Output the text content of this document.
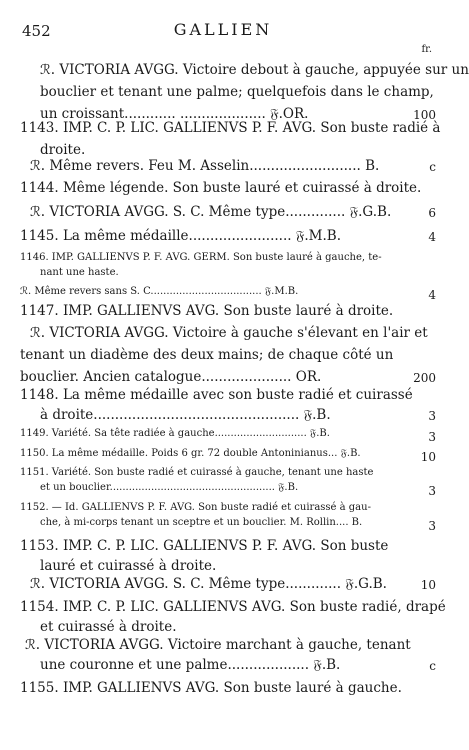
452	GALLIEN
fr.
ℛ. VICTORIA AVGG. Victoire debout à gauche, appuyée sur un
bouclier et tenant une palme; quelquefois dans le champ,
un croissant............ .................... 𝔉.OR.	100
1143. IMP. C. P. LIC. GALLIENVS P. F. AVG. Son buste radié à
droite.
ℛ. Même revers. Feu M. Asselin.......................... B.	c
1144. Même légende. Son buste lauré et cuirassé à droite.
ℛ. VICTORIA AVGG. S. C. Même type.............. 𝔉.G.B.	6
1145. La même médaille........................ 𝔉.M.B.	4
1146. IMP. GALLIENVS P. F. AVG. GERM. Son buste lauré à gauche, te-
nant une haste.
ℛ. Même revers sans S. C................................... 𝔉.M.B.	4
1147. IMP. GALLIENVS AVG. Son buste lauré à droite.
ℛ. VICTORIA AVGG. Victoire à gauche s'élevant en l'air et
tenant un diadème des deux mains; de chaque côté un
bouclier. Ancien catalogue..................... OR.	200
1148. La même médaille avec son buste radié et cuirassé
à droite................................................ 𝔉.B.	3
1149. Variété. Sa tête radiée à gauche............................. 𝔉.B.	3
1150. La même médaille. Poids 6 gr. 72 double Antoninianus... 𝔉.B.	10
1151. Variété. Son buste radié et cuirassé à gauche, tenant une haste
et un bouclier.................................................... 𝔉.B.	3
1152. — Id. GALLIENVS P. F. AVG. Son buste radié et cuirassé à gau-
che, à mi-corps tenant un sceptre et un bouclier. M. Rollin.... B.	3
1153. IMP. C. P. LIC. GALLIENVS P. F. AVG. Son buste
lauré et cuirassé à droite.
ℛ. VICTORIA AVGG. S. C. Même type............. 𝔉.G.B.	10
1154. IMP. C. P. LIC. GALLIENVS AVG. Son buste radié, drapé
et cuirassé à droite.
ℛ. VICTORIA AVGG. Victoire marchant à gauche, tenant
une couronne et une palme................... 𝔉.B.	c
1155. IMP. GALLIENVS AVG. Son buste lauré à gauche.
